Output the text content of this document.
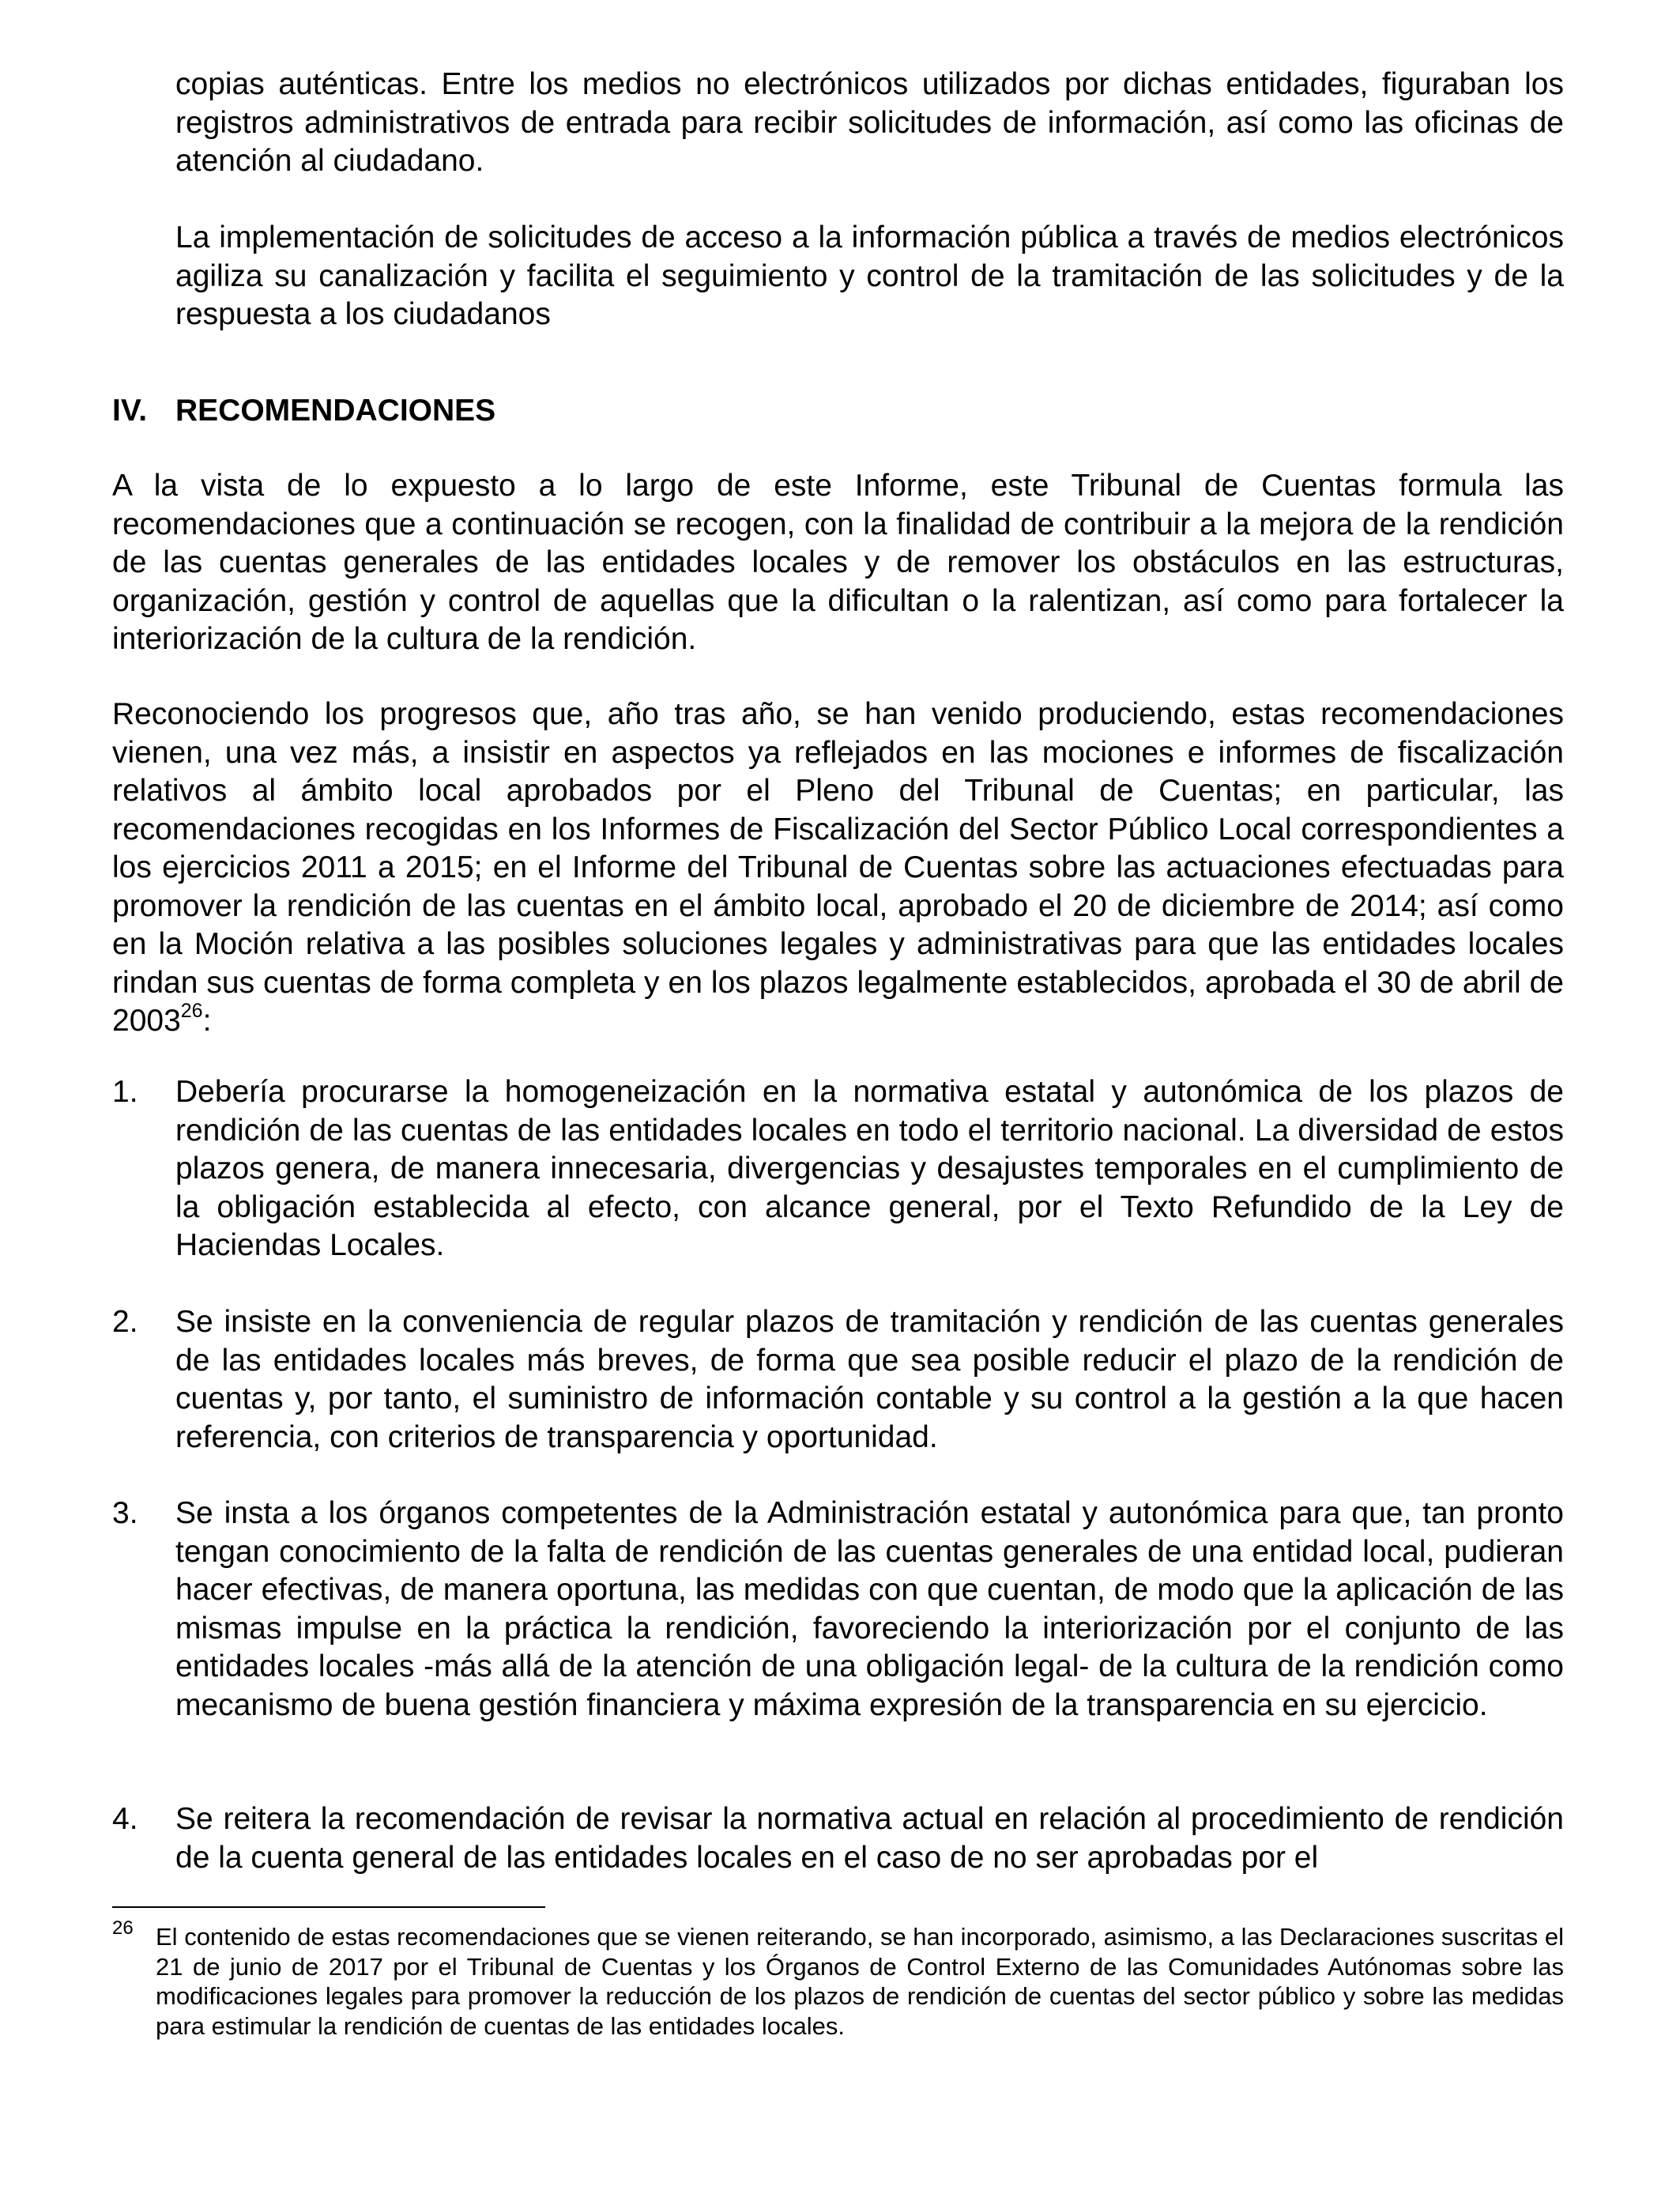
copias auténticas. Entre los medios no electrónicos utilizados por dichas entidades, figuraban los registros administrativos de entrada para recibir solicitudes de información, así como las oficinas de atención al ciudadano.

La implementación de solicitudes de acceso a la información pública a través de medios electrónicos agiliza su canalización y facilita el seguimiento y control de la tramitación de las solicitudes y de la respuesta a los ciudadanos

IV. RECOMENDACIONES

A la vista de lo expuesto a lo largo de este Informe, este Tribunal de Cuentas formula las recomendaciones que a continuación se recogen, con la finalidad de contribuir a la mejora de la rendición de las cuentas generales de las entidades locales y de remover los obstáculos en las estructuras, organización, gestión y control de aquellas que la dificultan o la ralentizan, así como para fortalecer la interiorización de la cultura de la rendición.

Reconociendo los progresos que, año tras año, se han venido produciendo, estas recomendaciones vienen, una vez más, a insistir en aspectos ya reflejados en las mociones e informes de fiscalización relativos al ámbito local aprobados por el Pleno del Tribunal de Cuentas; en particular, las recomendaciones recogidas en los Informes de Fiscalización del Sector Público Local correspondientes a los ejercicios 2011 a 2015; en el Informe del Tribunal de Cuentas sobre las actuaciones efectuadas para promover la rendición de las cuentas en el ámbito local, aprobado el 20 de diciembre de 2014; así como en la Moción relativa a las posibles soluciones legales y administrativas para que las entidades locales rindan sus cuentas de forma completa y en los plazos legalmente establecidos, aprobada el 30 de abril de 2003$^{26}$:

1. Debería procurarse la homogeneización en la normativa estatal y autonómica de los plazos de rendición de las cuentas de las entidades locales en todo el territorio nacional. La diversidad de estos plazos genera, de manera innecesaria, divergencias y desajustes temporales en el cumplimiento de la obligación establecida al efecto, con alcance general, por el Texto Refundido de la Ley de Haciendas Locales.

2. Se insiste en la conveniencia de regular plazos de tramitación y rendición de las cuentas generales de las entidades locales más breves, de forma que sea posible reducir el plazo de la rendición de cuentas y, por tanto, el suministro de información contable y su control a la gestión a la que hacen referencia, con criterios de transparencia y oportunidad.

3. Se insta a los órganos competentes de la Administración estatal y autonómica para que, tan pronto tengan conocimiento de la falta de rendición de las cuentas generales de una entidad local, pudieran hacer efectivas, de manera oportuna, las medidas con que cuentan, de modo que la aplicación de las mismas impulse en la práctica la rendición, favoreciendo la interiorización por el conjunto de las entidades locales -más allá de la atención de una obligación legal- de la cultura de la rendición como mecanismo de buena gestión financiera y máxima expresión de la transparencia en su ejercicio.

4. Se reitera la recomendación de revisar la normativa actual en relación al procedimiento de rendición de la cuenta general de las entidades locales en el caso de no ser aprobadas por el

26 El contenido de estas recomendaciones que se vienen reiterando, se han incorporado, asimismo, a las Declaraciones suscritas el 21 de junio de 2017 por el Tribunal de Cuentas y los Órganos de Control Externo de las Comunidades Autónomas sobre las modificaciones legales para promover la reducción de los plazos de rendición de cuentas del sector público y sobre las medidas para estimular la rendición de cuentas de las entidades locales.
